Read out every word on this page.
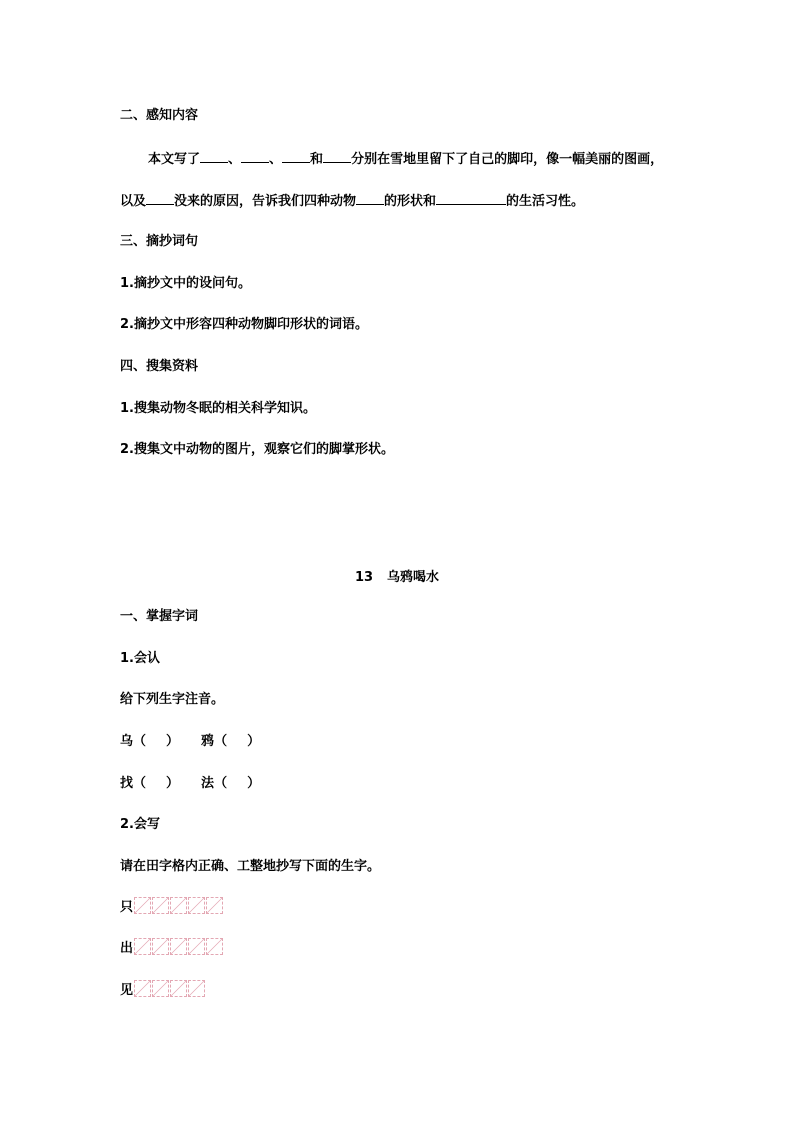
二、感知内容
本文写了 、 、 和 分别在雪地里留下了自己的脚印，像一幅美丽的图画，
以及 没来的原因，告诉我们四种动物 的形状和	的生活习性。
三、摘抄词句
1.摘抄文中的设问句。
2.摘抄文中形容四种动物脚印形状的词语。
四、搜集资料
1.搜集动物冬眠的相关科学知识。
2.搜集文中动物的图片，观察它们的脚掌形状。
13 乌鸦喝水
一、掌握字词
1.会认
给下列生字注音。
乌（ ） 鸦（ ）
找（ ） 法（ ）
2.会写
请在田字格内正确、工整地抄写下面的生字。
只
出
见
